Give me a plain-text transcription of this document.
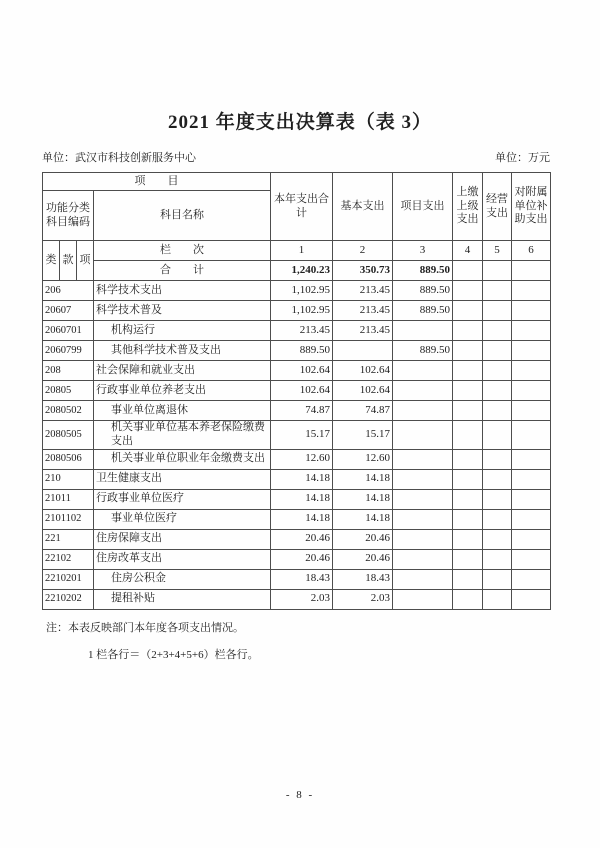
2021 年度支出决算表（表 3）
单位：武汉市科技创新服务中心	单位：万元
项　　目				本年支出合计	基本支出	项目支出	上缴上级支出	经营支出	对附属单位补助支出
功能分类科目编码			科目名称						
类	款	项	栏　　次	1	2	3	4	5	6
			合　　计	1,240.23	350.73	889.50			
206			科学技术支出	1,102.95	213.45	889.50			
20607			科学技术普及	1,102.95	213.45	889.50			
2060701			机构运行	213.45	213.45				
2060799			其他科学技术普及支出	889.50		889.50			
208			社会保障和就业支出	102.64	102.64				
20805			行政事业单位养老支出	102.64	102.64				
2080502			事业单位离退休	74.87	74.87				
2080505			机关事业单位基本养老保险缴费支出	15.17	15.17				
2080506			机关事业单位职业年金缴费支出	12.60	12.60				
210			卫生健康支出	14.18	14.18				
21011			行政事业单位医疗	14.18	14.18				
2101102			事业单位医疗	14.18	14.18				
221			住房保障支出	20.46	20.46				
22102			住房改革支出	20.46	20.46				
2210201			住房公积金	18.43	18.43				
2210202			提租补贴	2.03	2.03				
注：本表反映部门本年度各项支出情况。
1 栏各行＝（2+3+4+5+6）栏各行。
- 8 -
